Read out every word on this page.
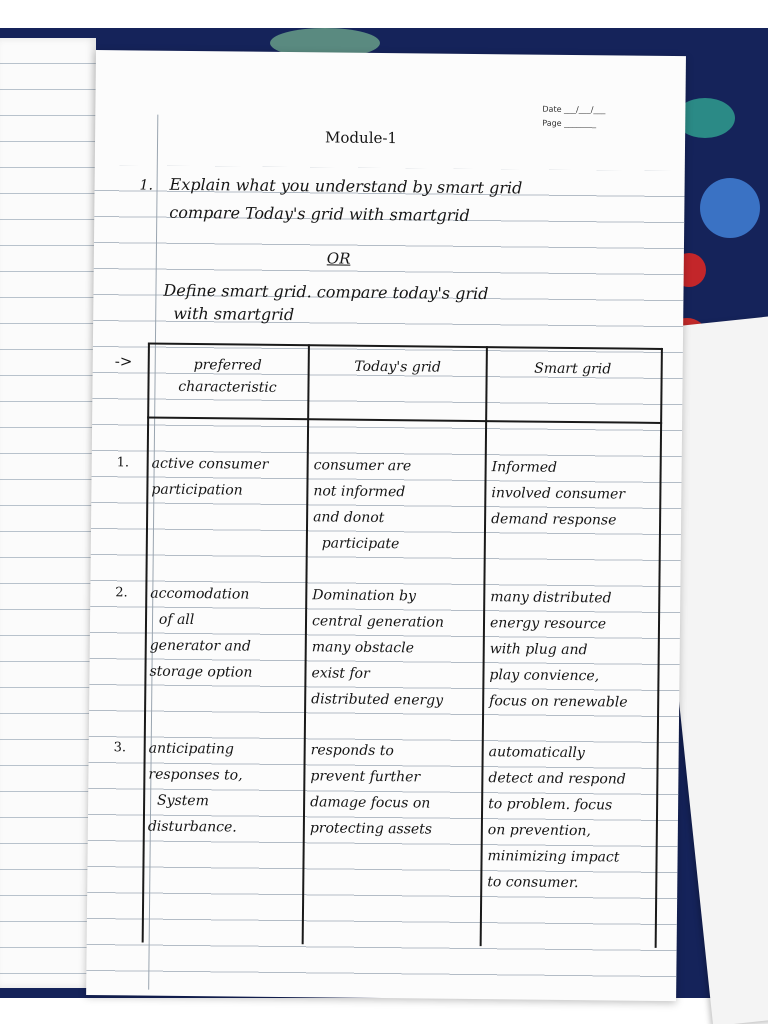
Date ___/___/___
Page ________
Module-1
1. Explain what you understand by smart grid
compare Today's grid with smartgrid
OR
Define smart grid. compare today's grid
with smartgrid
->	preferred characteristic
Today's grid	Smart grid
1. active consumer
participation
consumer are
not informed
and donot
participate
Informed
involved consumer
demand response
2. accomodation
of all
generator and
storage option
Domination by
central generation
many obstacle
exist for
distributed energy
many distributed
energy resource
with plug and
play convience,
focus on renewable
3. anticipating
responses to,
System
disturbance.
responds to
prevent further
damage focus on
protecting assets
automatically
detect and respond
to problem. focus
on prevention,
minimizing impact
to consumer.
